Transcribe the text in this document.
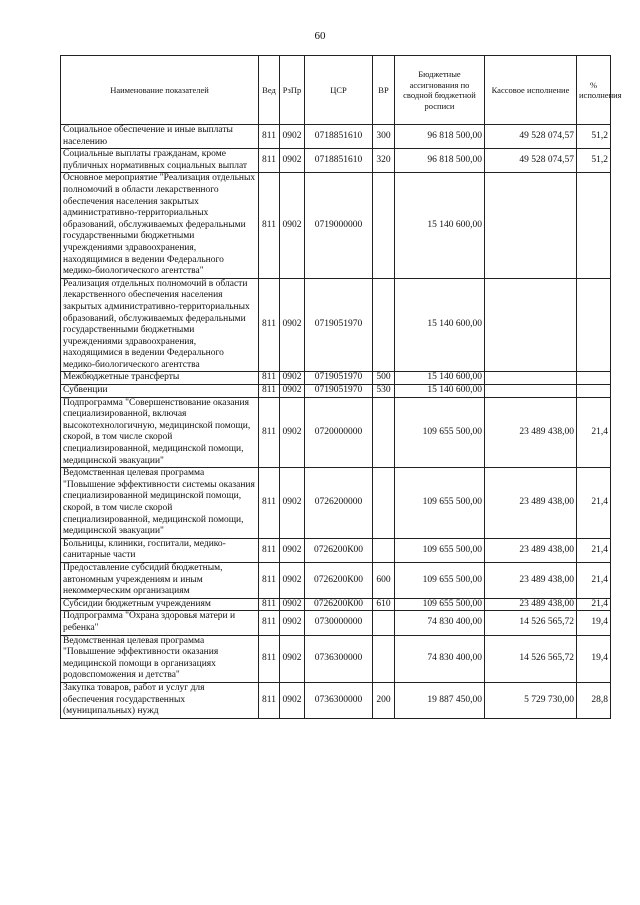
60
Наименование показателей	Вед	РзПр	ЦСР	ВР	Бюджетные ассигнования по сводной бюджетной росписи	Кассовое исполнение	% исполнения
Социальное обеспечение и иные выплаты населению	811	0902	0718851610	300	96 818 500,00	49 528 074,57	51,2
Социальные выплаты гражданам, кроме публичных нормативных социальных выплат	811	0902	0718851610	320	96 818 500,00	49 528 074,57	51,2
Основное мероприятие "Реализация отдельных полномочий в области лекарственного обеспечения населения закрытых административно-территориальных образований, обслуживаемых федеральными государственными бюджетными учреждениями здравоохранения, находящимися в ведении Федерального медико-биологического агентства"	811	0902	0719000000		15 140 600,00		
Реализация отдельных полномочий в области лекарственного обеспечения населения закрытых административно-территориальных образований, обслуживаемых федеральными государственными бюджетными учреждениями здравоохранения, находящимися в ведении Федерального медико-биологического агентства	811	0902	0719051970		15 140 600,00		
Межбюджетные трансферты	811	0902	0719051970	500	15 140 600,00		
Субвенции	811	0902	0719051970	530	15 140 600,00		
Подпрограмма "Совершенствование оказания специализированной, включая высокотехнологичную, медицинской помощи, скорой, в том числе скорой специализированной, медицинской помощи, медицинской эвакуации"	811	0902	0720000000		109 655 500,00	23 489 438,00	21,4
Ведомственная целевая программа "Повышение эффективности системы оказания специализированной медицинской помощи, скорой, в том числе скорой специализированной, медицинской помощи, медицинской эвакуации"	811	0902	0726200000		109 655 500,00	23 489 438,00	21,4
Больницы, клиники, госпитали, медико-санитарные части	811	0902	0726200К00		109 655 500,00	23 489 438,00	21,4
Предоставление субсидий бюджетным, автономным учреждениям и иным некоммерческим организациям	811	0902	0726200К00	600	109 655 500,00	23 489 438,00	21,4
Субсидии бюджетным учреждениям	811	0902	0726200К00	610	109 655 500,00	23 489 438,00	21,4
Подпрограмма "Охрана здоровья матери и ребенка"	811	0902	0730000000		74 830 400,00	14 526 565,72	19,4
Ведомственная целевая программа "Повышение эффективности оказания медицинской помощи в организациях родовспоможения и детства"	811	0902	0736300000		74 830 400,00	14 526 565,72	19,4
Закупка товаров, работ и услуг для обеспечения государственных (муниципальных) нужд	811	0902	0736300000	200	19 887 450,00	5 729 730,00	28,8
